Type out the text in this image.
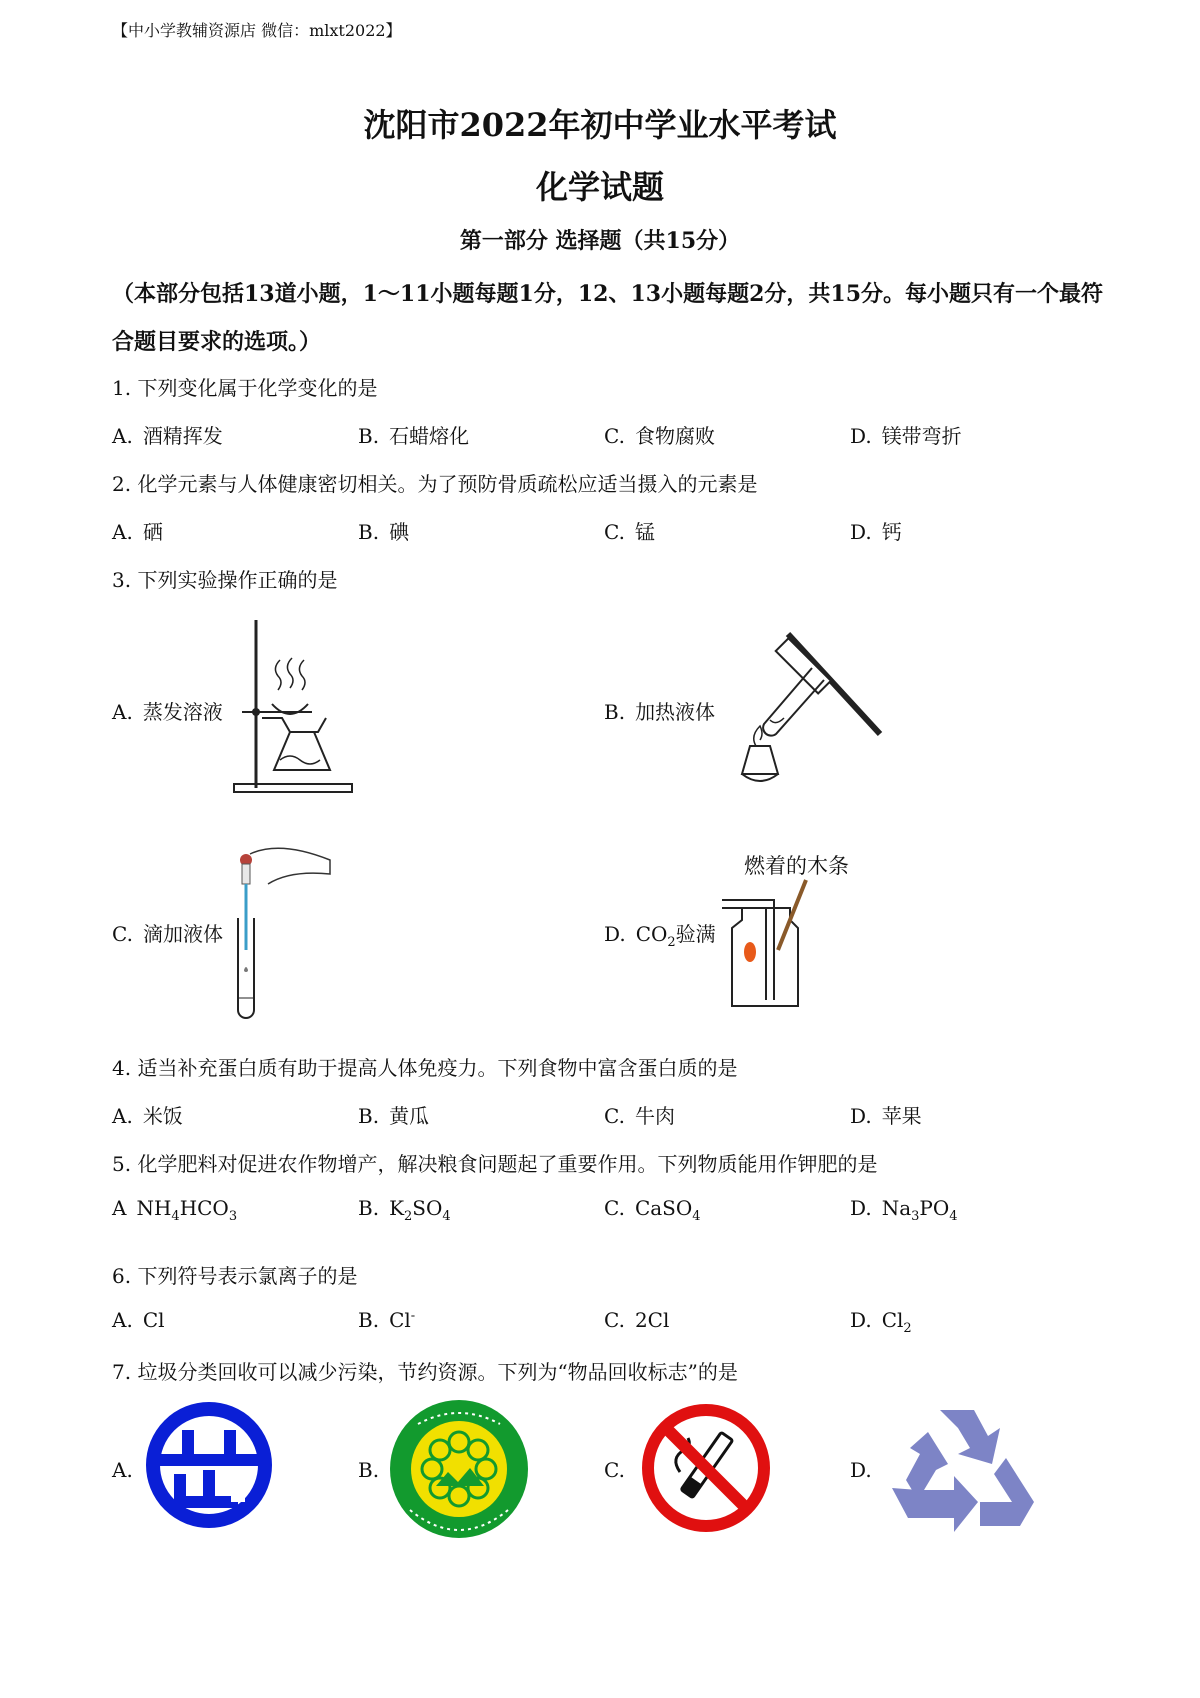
【中小学教辅资源店 微信：mlxt2022】
沈阳市2022年初中学业水平考试
化学试题
第一部分 选择题（共15分）
（本部分包括13道小题，1～11小题每题1分，12、13小题每题2分，共15分。每小题只有一个最符合题目要求的选项。）
1. 下列变化属于化学变化的是
A. 酒精挥发	B. 石蜡熔化	C. 食物腐败	D. 镁带弯折
2. 化学元素与人体健康密切相关。为了预防骨质疏松应适当摄入的元素是
A. 硒	B. 碘	C. 锰	D. 钙
3. 下列实验操作正确的是
A. 蒸发溶液	B. 加热液体
C. 滴加液体	D. $CO_2$验满
燃着的木条
4. 适当补充蛋白质有助于提高人体免疫力。下列食物中富含蛋白质的是
A. 米饭	B. 黄瓜	C. 牛肉	D. 苹果
5. 化学肥料对促进农作物增产，解决粮食问题起了重要作用。下列物质能用作钾肥的是
A $NH_4HCO_3$	B. $K_2SO_4$	C. CaSO$_4$	D. $Na_3PO_4$
6. 下列符号表示氯离子的是
A. Cl	B. Cl-	C. 2Cl	D. $Cl_2$
7. 垃圾分类回收可以减少污染，节约资源。下列为“物品回收标志”的是
A.	B.	C.	D.
